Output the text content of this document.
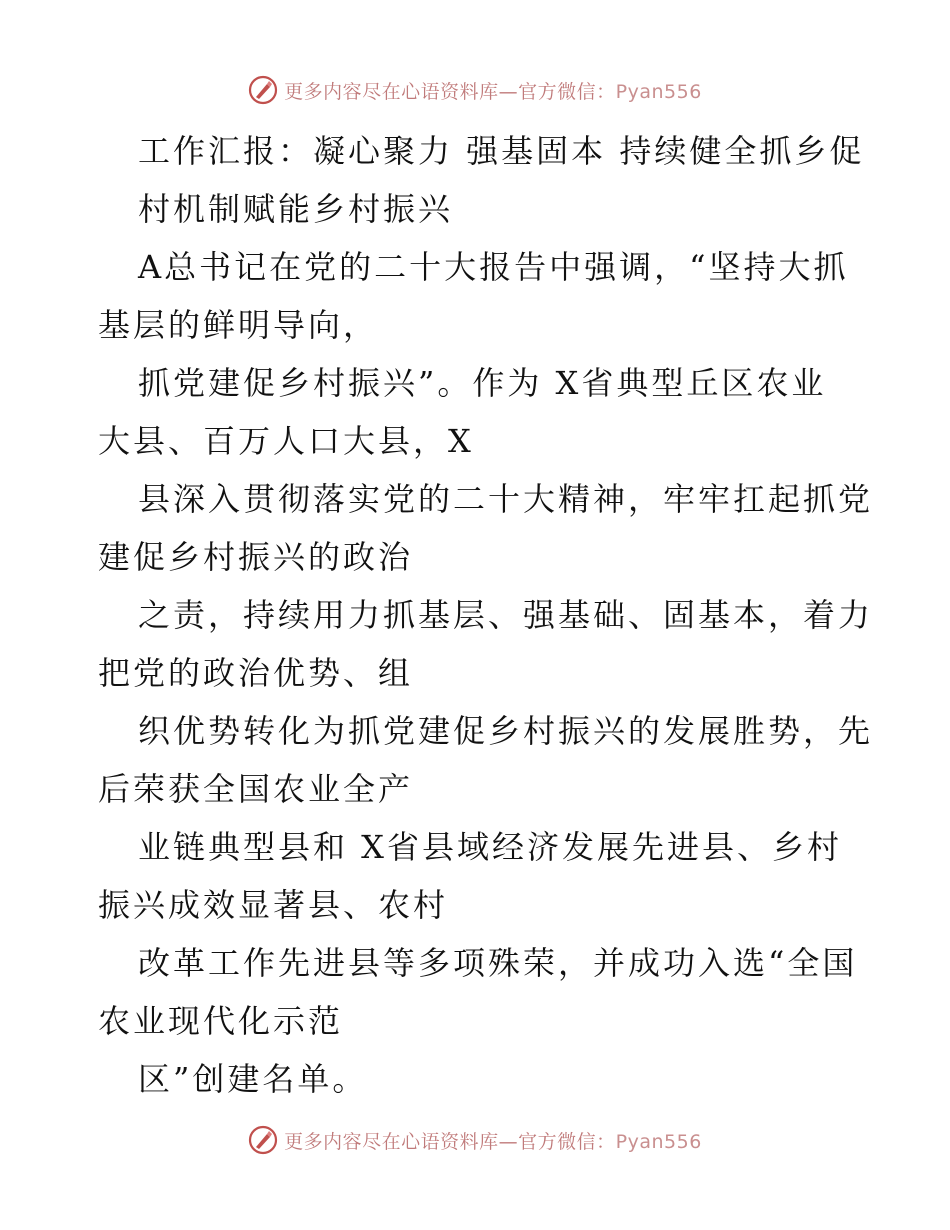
更多内容尽在心语资料库—官方微信：Pyan556
工作汇报：凝心聚力 强基固本 持续健全抓乡促
村机制赋能乡村振兴
A总书记在党的二十大报告中强调，“坚持大抓
基层的鲜明导向，
抓党建促乡村振兴”。作为 X省典型丘区农业
大县、百万人口大县，X
县深入贯彻落实党的二十大精神，牢牢扛起抓党
建促乡村振兴的政治
之责，持续用力抓基层、强基础、固基本，着力
把党的政治优势、组
织优势转化为抓党建促乡村振兴的发展胜势，先
后荣获全国农业全产
业链典型县和 X省县域经济发展先进县、乡村
振兴成效显著县、农村
改革工作先进县等多项殊荣，并成功入选“全国
农业现代化示范
区”创建名单。
更多内容尽在心语资料库—官方微信：Pyan556
